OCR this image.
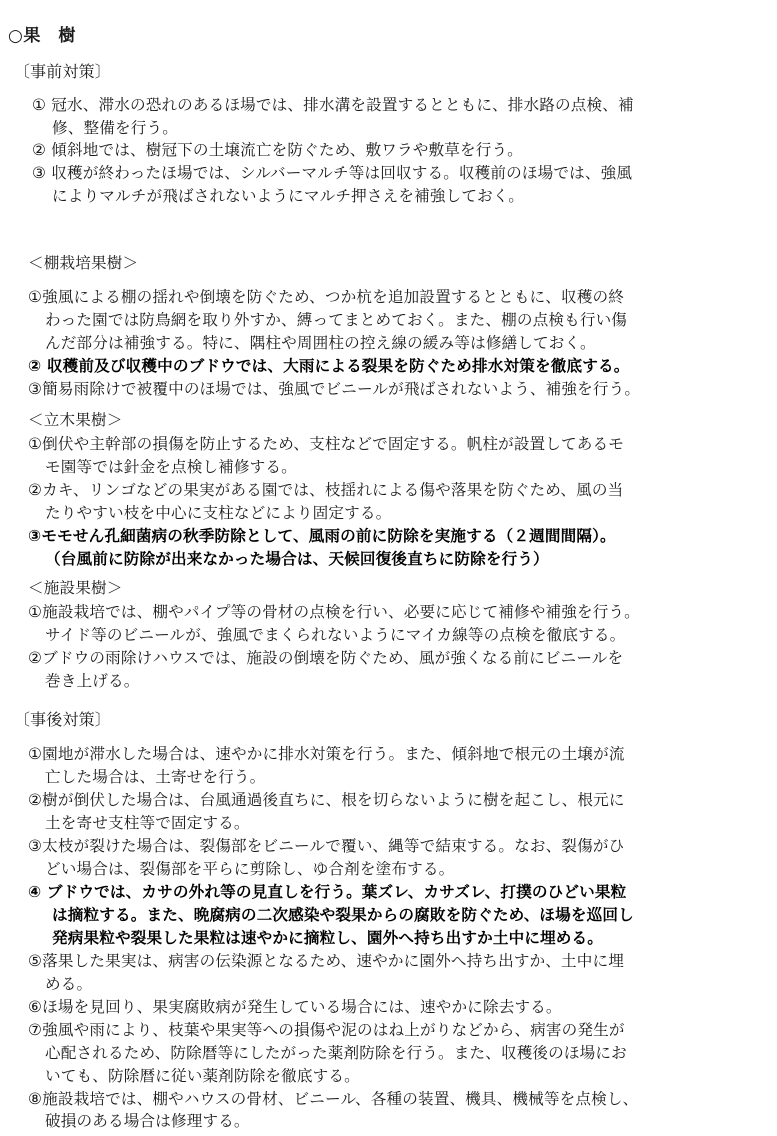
○果　樹
〔事前対策〕
① 冠水、滞水の恐れのあるほ場では、排水溝を設置するとともに、排水路の点検、補
修、整備を行う。
② 傾斜地では、樹冠下の土壌流亡を防ぐため、敷ワラや敷草を行う。
③ 収穫が終わったほ場では、シルバーマルチ等は回収する。収穫前のほ場では、強風
によりマルチが飛ばされないようにマルチ押さえを補強しておく。
＜棚栽培果樹＞
①強風による棚の揺れや倒壊を防ぐため、つか杭を追加設置するとともに、収穫の終
わった園では防鳥網を取り外すか、縛ってまとめておく。また、棚の点検も行い傷
んだ部分は補強する。特に、隅柱や周囲柱の控え線の緩み等は修繕しておく。
② 収穫前及び収穫中のブドウでは、大雨による裂果を防ぐため排水対策を徹底する。
③簡易雨除けで被覆中のほ場では、強風でビニールが飛ばされないよう、補強を行う。
＜立木果樹＞
①倒伏や主幹部の損傷を防止するため、支柱などで固定する。帆柱が設置してあるモ
モ園等では針金を点検し補修する。
②カキ、リンゴなどの果実がある園では、枝揺れによる傷や落果を防ぐため、風の当
たりやすい枝を中心に支柱などにより固定する。
③モモせん孔細菌病の秋季防除として、風雨の前に防除を実施する（２週間間隔）。
（台風前に防除が出来なかった場合は、天候回復後直ちに防除を行う）
＜施設果樹＞
①施設栽培では、棚やパイプ等の骨材の点検を行い、必要に応じて補修や補強を行う。
サイド等のビニールが、強風でまくられないようにマイカ線等の点検を徹底する。
②ブドウの雨除けハウスでは、施設の倒壊を防ぐため、風が強くなる前にビニールを
巻き上げる。
〔事後対策〕
①園地が滞水した場合は、速やかに排水対策を行う。また、傾斜地で根元の土壌が流
亡した場合は、土寄せを行う。
②樹が倒伏した場合は、台風通過後直ちに、根を切らないように樹を起こし、根元に
土を寄せ支柱等で固定する。
③太枝が裂けた場合は、裂傷部をビニールで覆い、縄等で結束する。なお、裂傷がひ
どい場合は、裂傷部を平らに剪除し、ゆ合剤を塗布する。
④ ブドウでは、カサの外れ等の見直しを行う。葉ズレ、カサズレ、打撲のひどい果粒
は摘粒する。また、晩腐病の二次感染や裂果からの腐敗を防ぐため、ほ場を巡回し
発病果粒や裂果した果粒は速やかに摘粒し、園外へ持ち出すか土中に埋める。
⑤落果した果実は、病害の伝染源となるため、速やかに園外へ持ち出すか、土中に埋
める。
⑥ほ場を見回り、果実腐敗病が発生している場合には、速やかに除去する。
⑦強風や雨により、枝葉や果実等への損傷や泥のはね上がりなどから、病害の発生が
心配されるため、防除暦等にしたがった薬剤防除を行う。また、収穫後のほ場にお
いても、防除暦に従い薬剤防除を徹底する。
⑧施設栽培では、棚やハウスの骨材、ビニール、各種の装置、機具、機械等を点検し、
破損のある場合は修理する。
